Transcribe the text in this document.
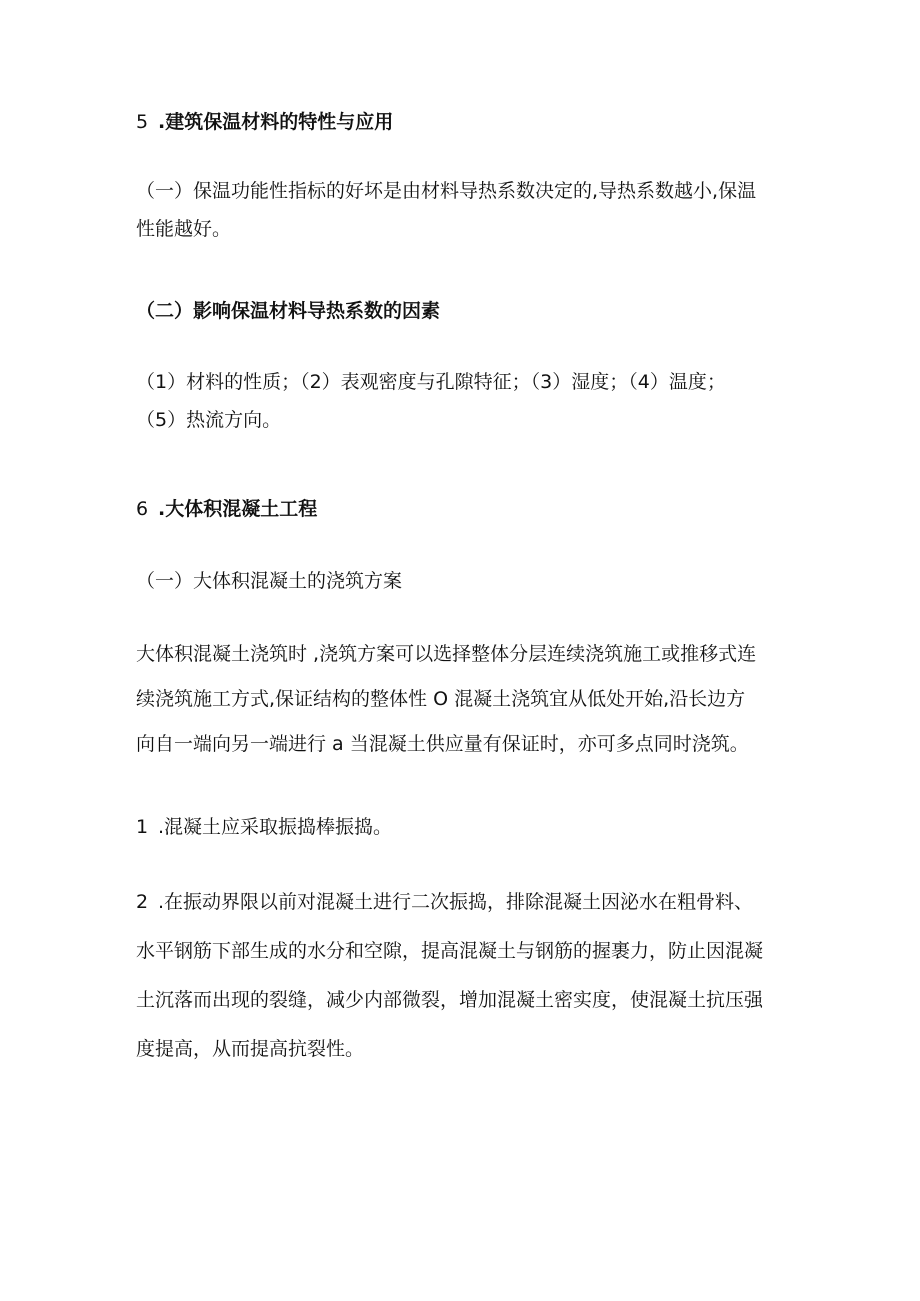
5 .建筑保温材料的特性与应用

（一）保温功能性指标的好坏是由材料导热系数决定的,导热系数越小,保温
性能越好。

（二）影响保温材料导热系数的因素

（1）材料的性质；（2）表观密度与孔隙特征；（3）湿度；（4）温度；
（5）热流方向。

6 .大体积混凝土工程

（一）大体积混凝土的浇筑方案

大体积混凝土浇筑时 ,浇筑方案可以选择整体分层连续浇筑施工或推移式连
续浇筑施工方式,保证结构的整体性 O 混凝土浇筑宜从低处开始,沿长边方
向自一端向另一端进行 a 当混凝土供应量有保证时，亦可多点同时浇筑。

1 .混凝土应采取振捣棒振捣。

2 .在振动界限以前对混凝土进行二次振捣，排除混凝土因泌水在粗骨料、
水平钢筋下部生成的水分和空隙，提高混凝土与钢筋的握裹力，防止因混凝
土沉落而出现的裂缝，减少内部微裂，增加混凝土密实度，使混凝土抗压强
度提高，从而提高抗裂性。
